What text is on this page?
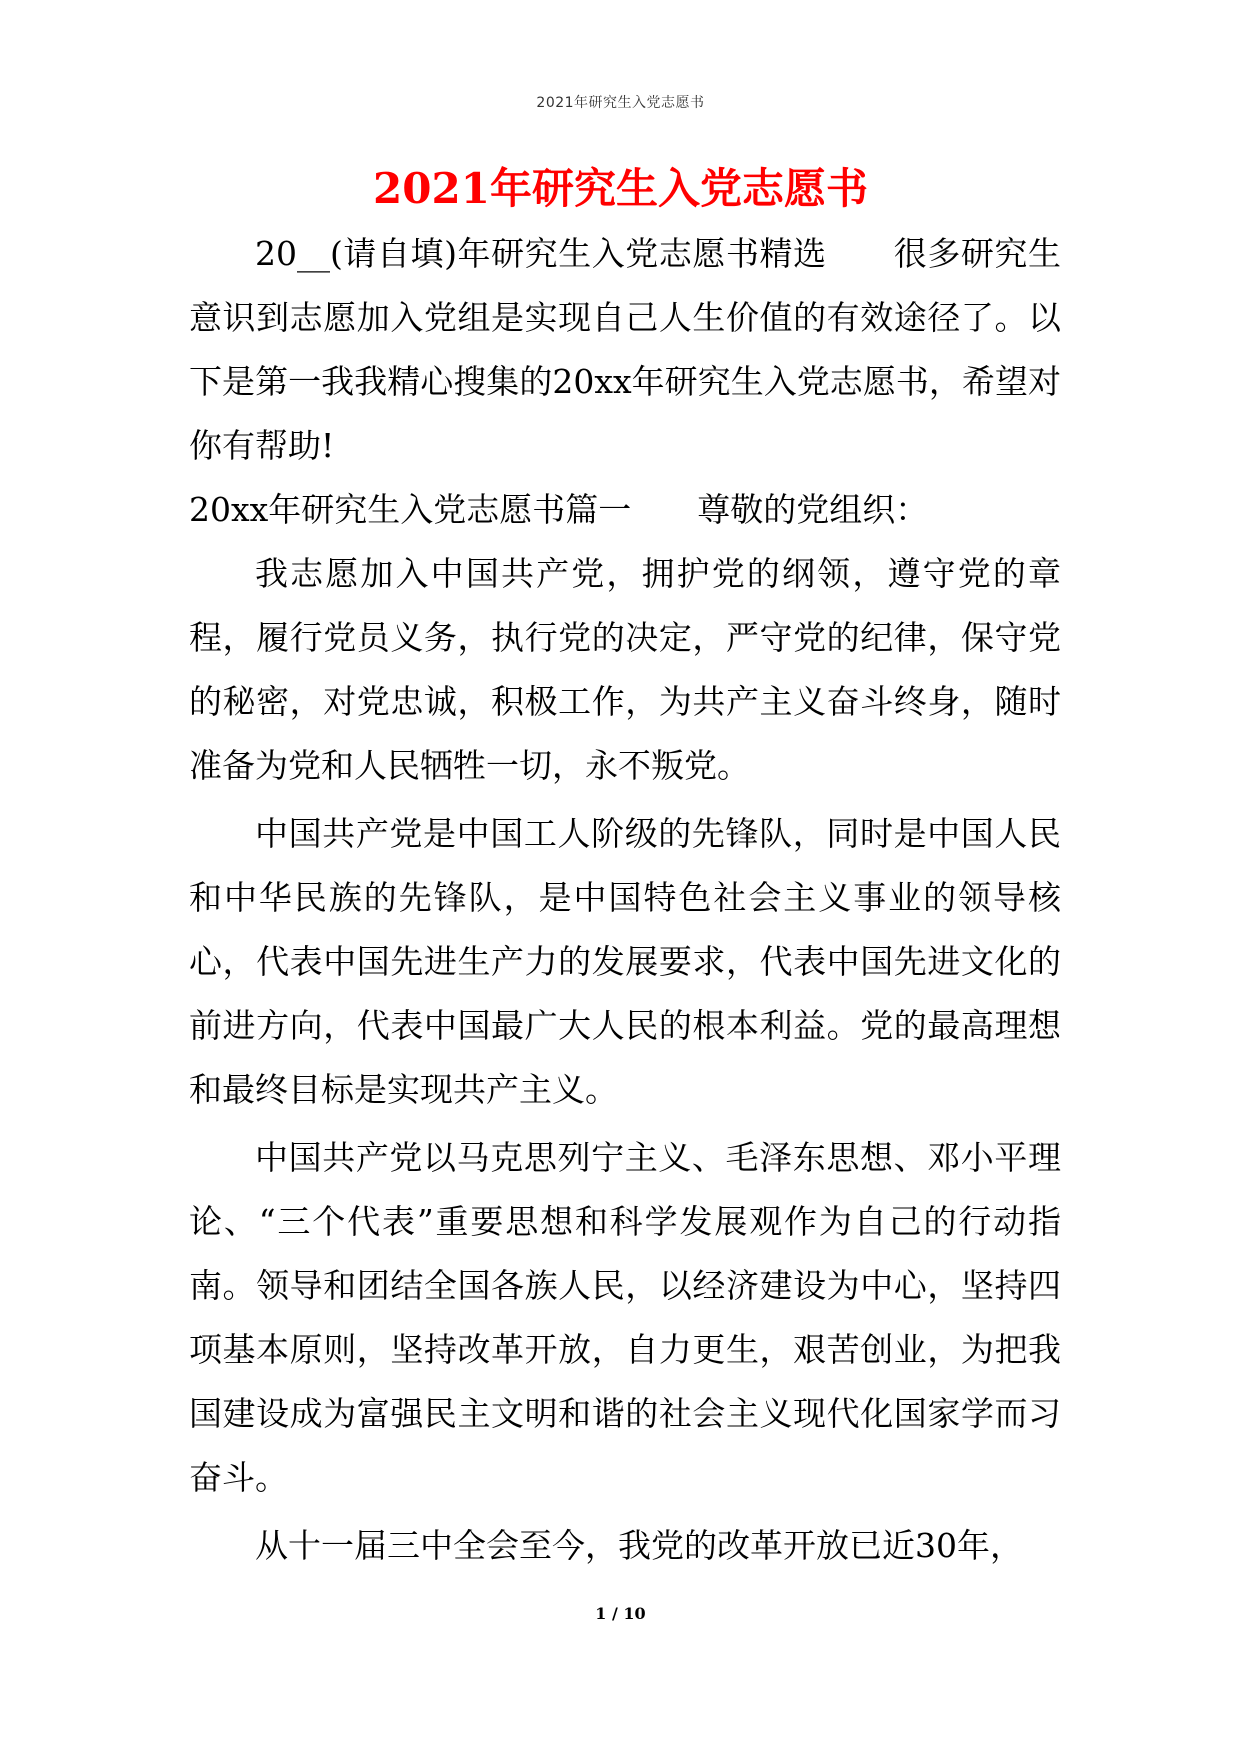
2021年研究生入党志愿书
2021年研究生入党志愿书

20__(请自填)年研究生入党志愿书精选　　很多研究生意识到志愿加入党组是实现自己人生价值的有效途径了。以下是第一我我精心搜集的20xx年研究生入党志愿书，希望对你有帮助!

20xx年研究生入党志愿书篇一　　尊敬的党组织：

我志愿加入中国共产党，拥护党的纲领，遵守党的章程，履行党员义务，执行党的决定，严守党的纪律，保守党的秘密，对党忠诚，积极工作，为共产主义奋斗终身，随时准备为党和人民牺牲一切，永不叛党。

中国共产党是中国工人阶级的先锋队，同时是中国人民和中华民族的先锋队，是中国特色社会主义事业的领导核心，代表中国先进生产力的发展要求，代表中国先进文化的前进方向，代表中国最广大人民的根本利益。党的最高理想和最终目标是实现共产主义。

中国共产党以马克思列宁主义、毛泽东思想、邓小平理论、“三个代表”重要思想和科学发展观作为自己的行动指南。领导和团结全国各族人民，以经济建设为中心，坚持四项基本原则，坚持改革开放，自力更生，艰苦创业，为把我国建设成为富强民主文明和谐的社会主义现代化国家学而习奋斗。

从十一届三中全会至今，我党的改革开放已近30年，

1 / 10
